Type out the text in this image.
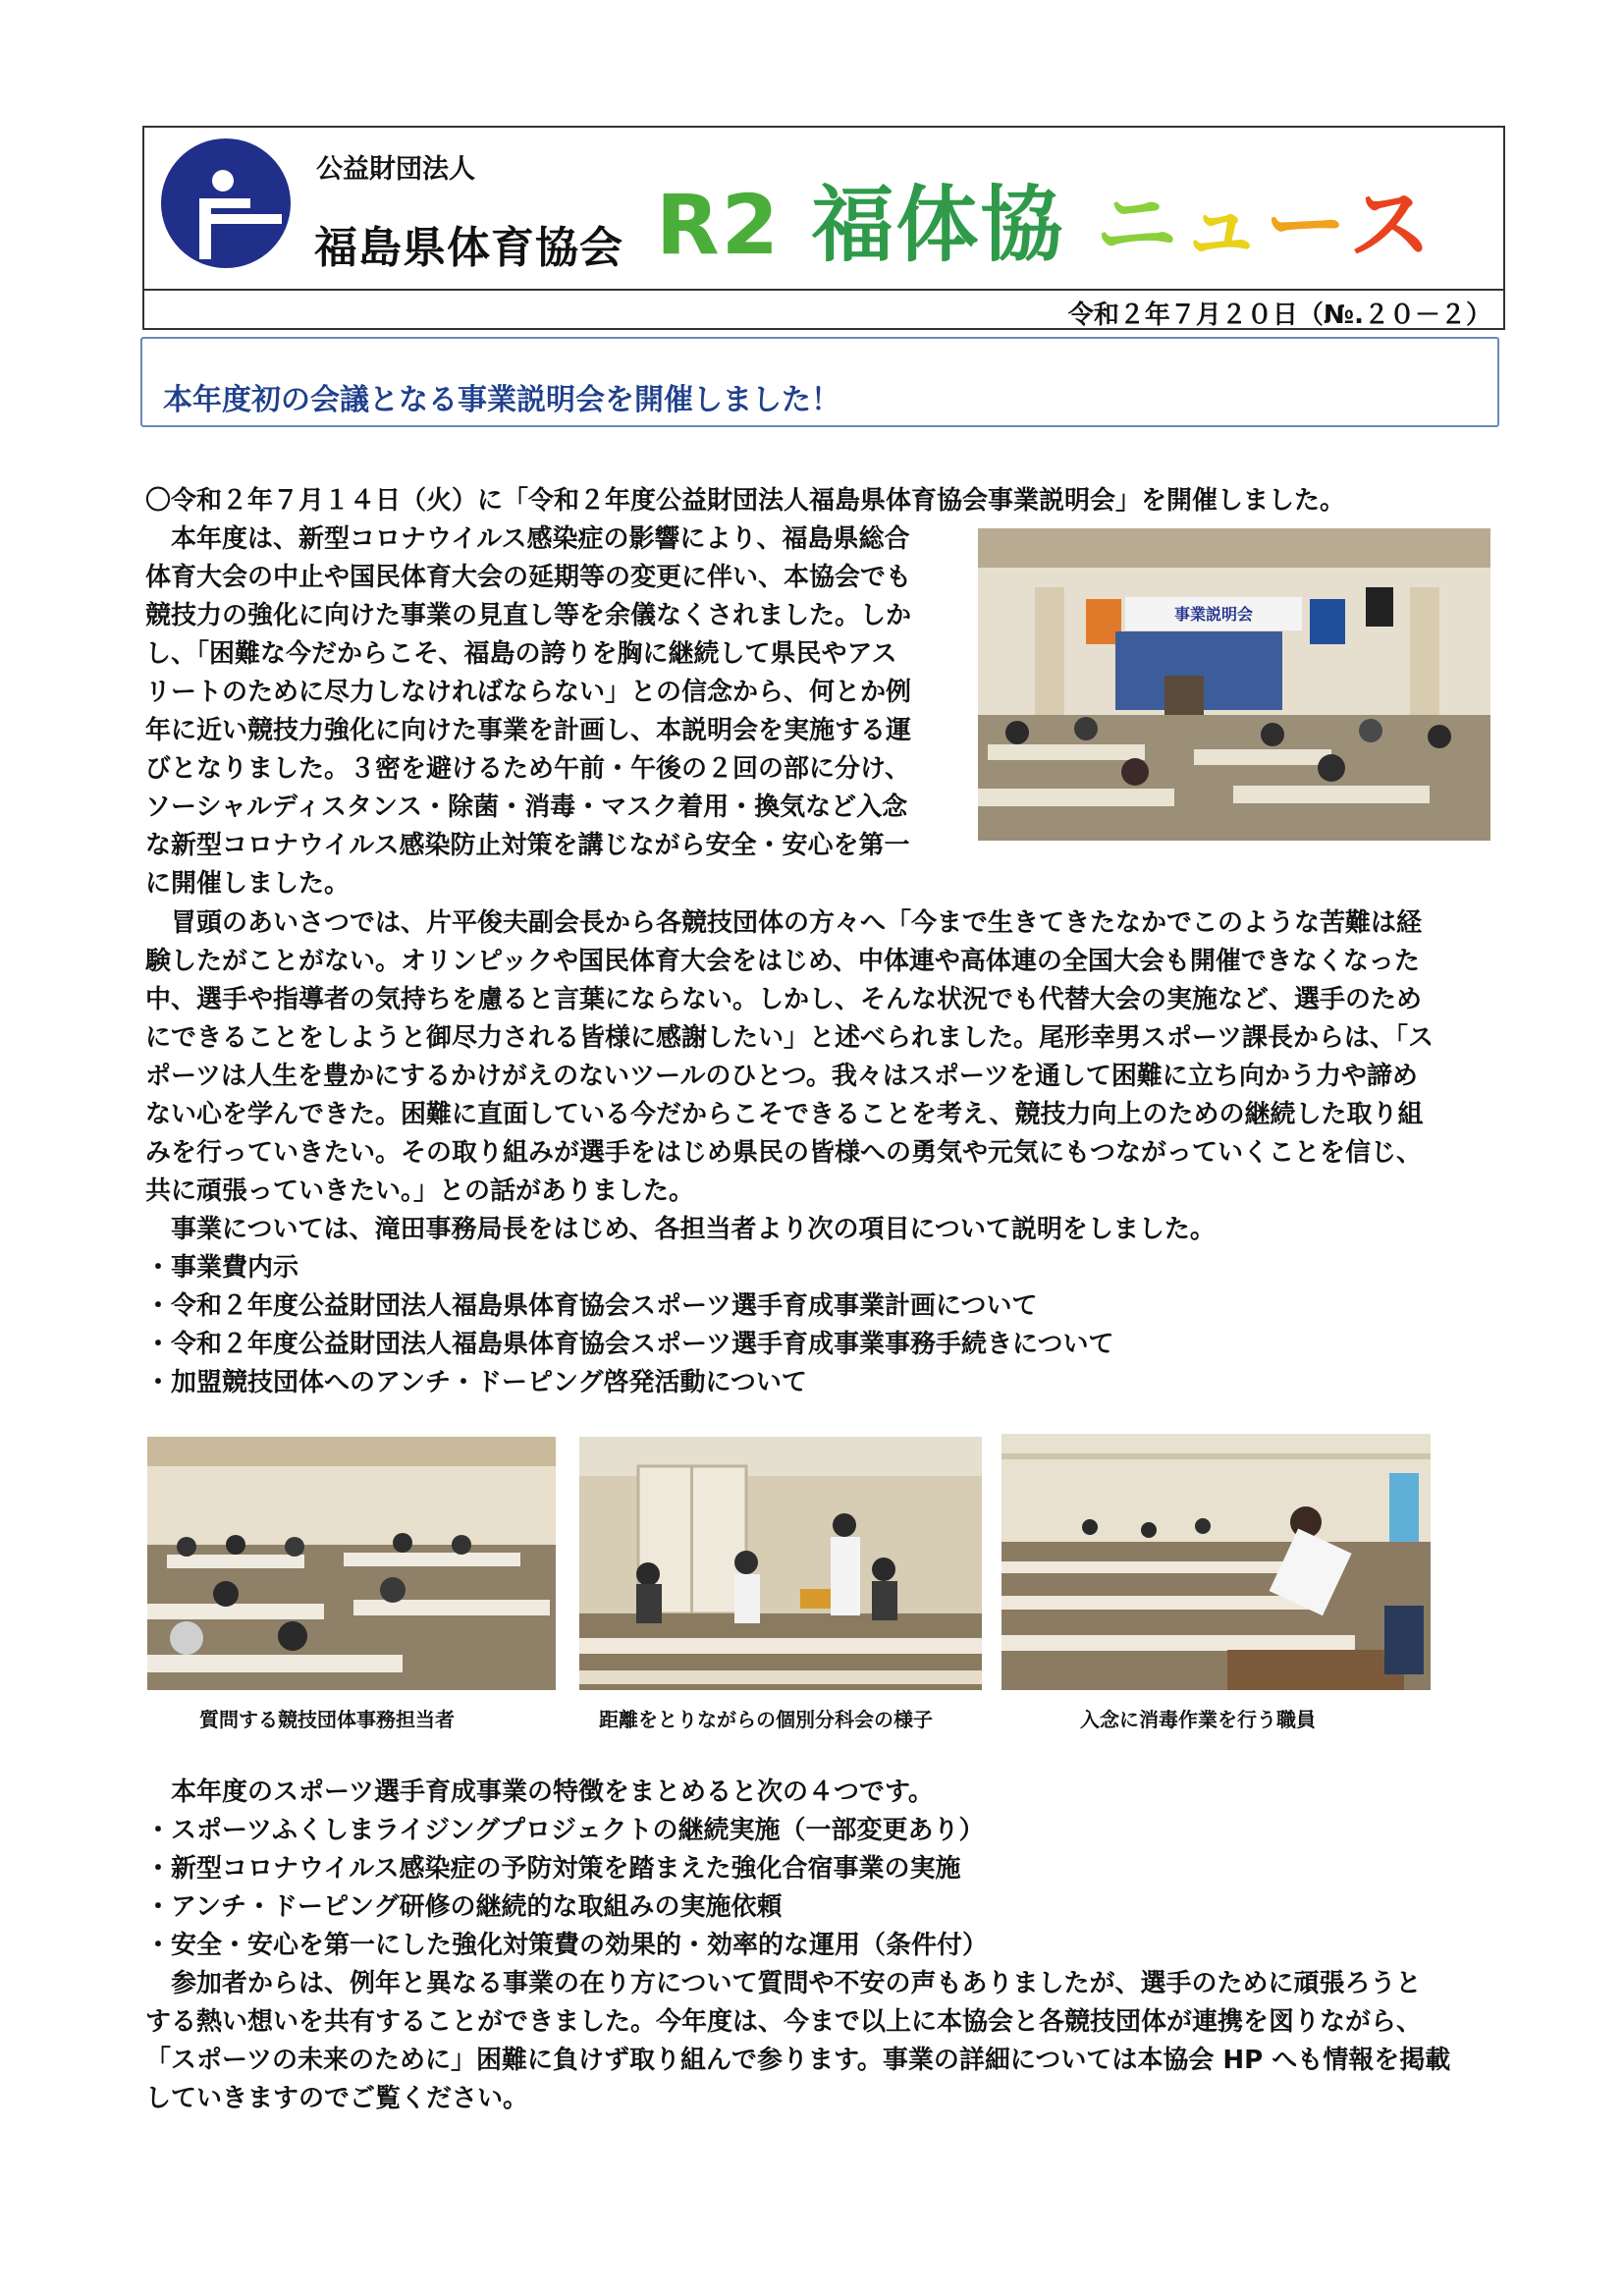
公益財団法人
福島県体育協会 R2 福体協 ニュース
令和２年７月２０日（№.２０－２）
本年度初の会議となる事業説明会を開催しました！
〇令和２年７月１４日（火）に「令和２年度公益財団法人福島県体育協会事業説明会」を開催しました。
　本年度は、新型コロナウイルス感染症の影響により、福島県総合
体育大会の中止や国民体育大会の延期等の変更に伴い、本協会でも
競技力の強化に向けた事業の見直し等を余儀なくされました。しか
し、「困難な今だからこそ、福島の誇りを胸に継続して県民やアス
リートのために尽力しなければならない」との信念から、何とか例
年に近い競技力強化に向けた事業を計画し、本説明会を実施する運
びとなりました。３密を避けるため午前・午後の２回の部に分け、
ソーシャルディスタンス・除菌・消毒・マスク着用・換気など入念
な新型コロナウイルス感染防止対策を講じながら安全・安心を第一
に開催しました。
事業説明会
　冒頭のあいさつでは、片平俊夫副会長から各競技団体の方々へ「今まで生きてきたなかでこのような苦難は経
験したがことがない。オリンピックや国民体育大会をはじめ、中体連や高体連の全国大会も開催できなくなった
中、選手や指導者の気持ちを慮ると言葉にならない。しかし、そんな状況でも代替大会の実施など、選手のため
にできることをしようと御尽力される皆様に感謝したい」と述べられました。尾形幸男スポーツ課長からは、「ス
ポーツは人生を豊かにするかけがえのないツールのひとつ。我々はスポーツを通して困難に立ち向かう力や諦め
ない心を学んできた。困難に直面している今だからこそできることを考え、競技力向上のための継続した取り組
みを行っていきたい。その取り組みが選手をはじめ県民の皆様への勇気や元気にもつながっていくことを信じ、
共に頑張っていきたい。」との話がありました。
　事業については、滝田事務局長をはじめ、各担当者より次の項目について説明をしました。
・事業費内示
・令和２年度公益財団法人福島県体育協会スポーツ選手育成事業計画について
・令和２年度公益財団法人福島県体育協会スポーツ選手育成事業事務手続きについて
・加盟競技団体へのアンチ・ドーピング啓発活動について
質問する競技団体事務担当者	距離をとりながらの個別分科会の様子	入念に消毒作業を行う職員
　本年度のスポーツ選手育成事業の特徴をまとめると次の４つです。
・スポーツふくしまライジングプロジェクトの継続実施（一部変更あり）
・新型コロナウイルス感染症の予防対策を踏まえた強化合宿事業の実施
・アンチ・ドーピング研修の継続的な取組みの実施依頼
・安全・安心を第一にした強化対策費の効果的・効率的な運用（条件付）
　参加者からは、例年と異なる事業の在り方について質問や不安の声もありましたが、選手のために頑張ろうと
する熱い想いを共有することができました。今年度は、今まで以上に本協会と各競技団体が連携を図りながら、
「スポーツの未来のために」困難に負けず取り組んで参ります。事業の詳細については本協会 HP へも情報を掲載
していきますのでご覧ください。
